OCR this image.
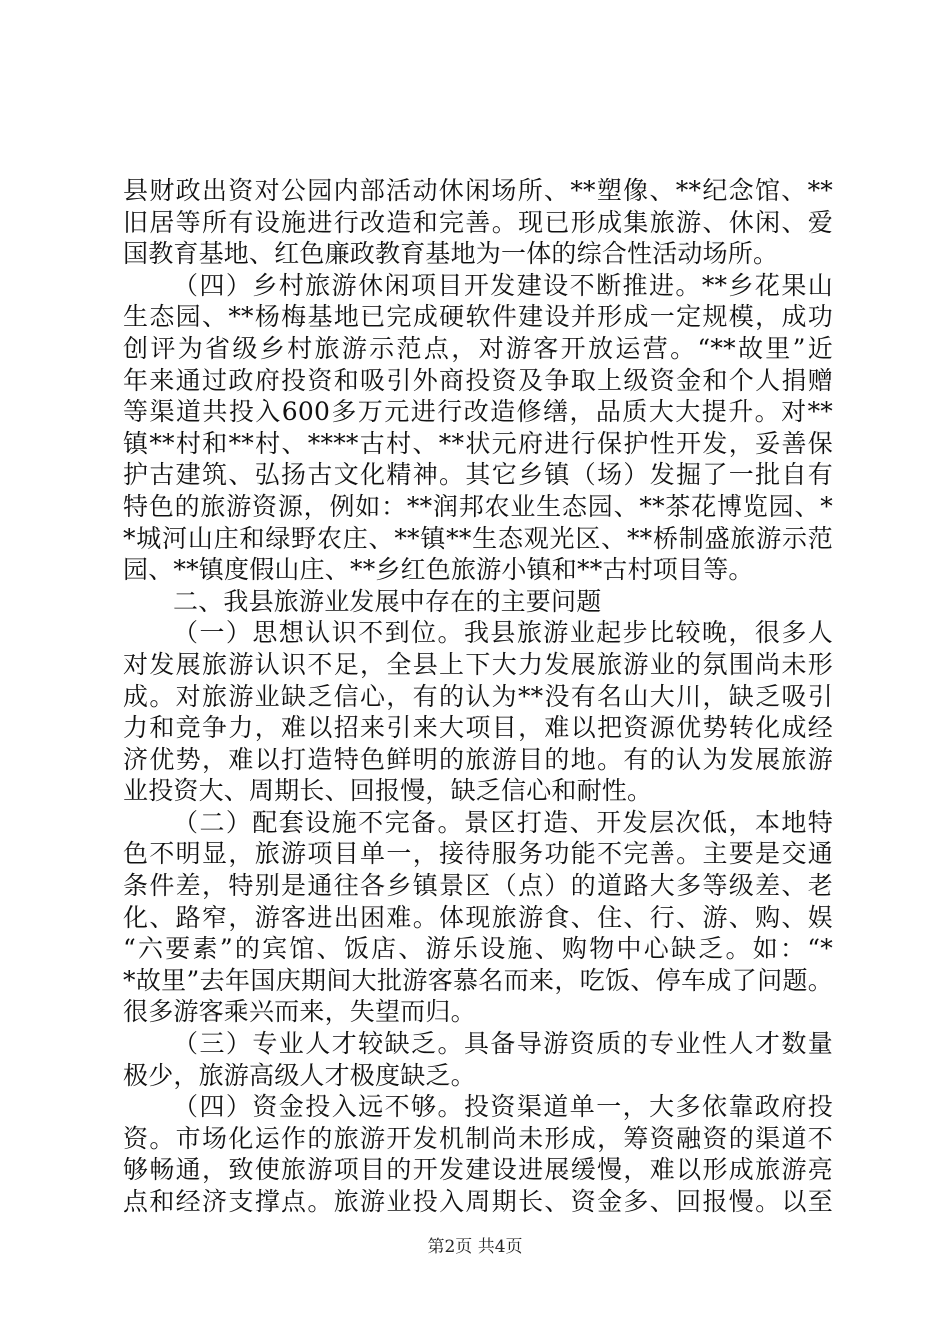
县财政出资对公园内部活动休闲场所、**塑像、**纪念馆、**
旧居等所有设施进行改造和完善。现已形成集旅游、休闲、爱
国教育基地、红色廉政教育基地为一体的综合性活动场所。
（四）乡村旅游休闲项目开发建设不断推进。**乡花果山
生态园、**杨梅基地已完成硬软件建设并形成一定规模，成功
创评为省级乡村旅游示范点，对游客开放运营。“**故里”近
年来通过政府投资和吸引外商投资及争取上级资金和个人捐赠
等渠道共投入600多万元进行改造修缮，品质大大提升。对**
镇**村和**村、****古村、**状元府进行保护性开发，妥善保
护古建筑、弘扬古文化精神。其它乡镇（场）发掘了一批自有
特色的旅游资源，例如：**润邦农业生态园、**茶花博览园、*
*城河山庄和绿野农庄、**镇**生态观光区、**桥制盛旅游示范
园、**镇度假山庄、**乡红色旅游小镇和**古村项目等。
二、我县旅游业发展中存在的主要问题
（一）思想认识不到位。我县旅游业起步比较晚，很多人
对发展旅游认识不足，全县上下大力发展旅游业的氛围尚未形
成。对旅游业缺乏信心，有的认为**没有名山大川，缺乏吸引
力和竞争力，难以招来引来大项目，难以把资源优势转化成经
济优势，难以打造特色鲜明的旅游目的地。有的认为发展旅游
业投资大、周期长、回报慢，缺乏信心和耐性。
（二）配套设施不完备。景区打造、开发层次低，本地特
色不明显，旅游项目单一，接待服务功能不完善。主要是交通
条件差，特别是通往各乡镇景区（点）的道路大多等级差、老
化、路窄，游客进出困难。体现旅游食、住、行、游、购、娱
“六要素”的宾馆、饭店、游乐设施、购物中心缺乏。如：“*
*故里”去年国庆期间大批游客慕名而来，吃饭、停车成了问题。
很多游客乘兴而来，失望而归。
（三）专业人才较缺乏。具备导游资质的专业性人才数量
极少，旅游高级人才极度缺乏。
（四）资金投入远不够。投资渠道单一，大多依靠政府投
资。市场化运作的旅游开发机制尚未形成，筹资融资的渠道不
够畅通，致使旅游项目的开发建设进展缓慢，难以形成旅游亮
点和经济支撑点。旅游业投入周期长、资金多、回报慢。以至
第2页 共4页
